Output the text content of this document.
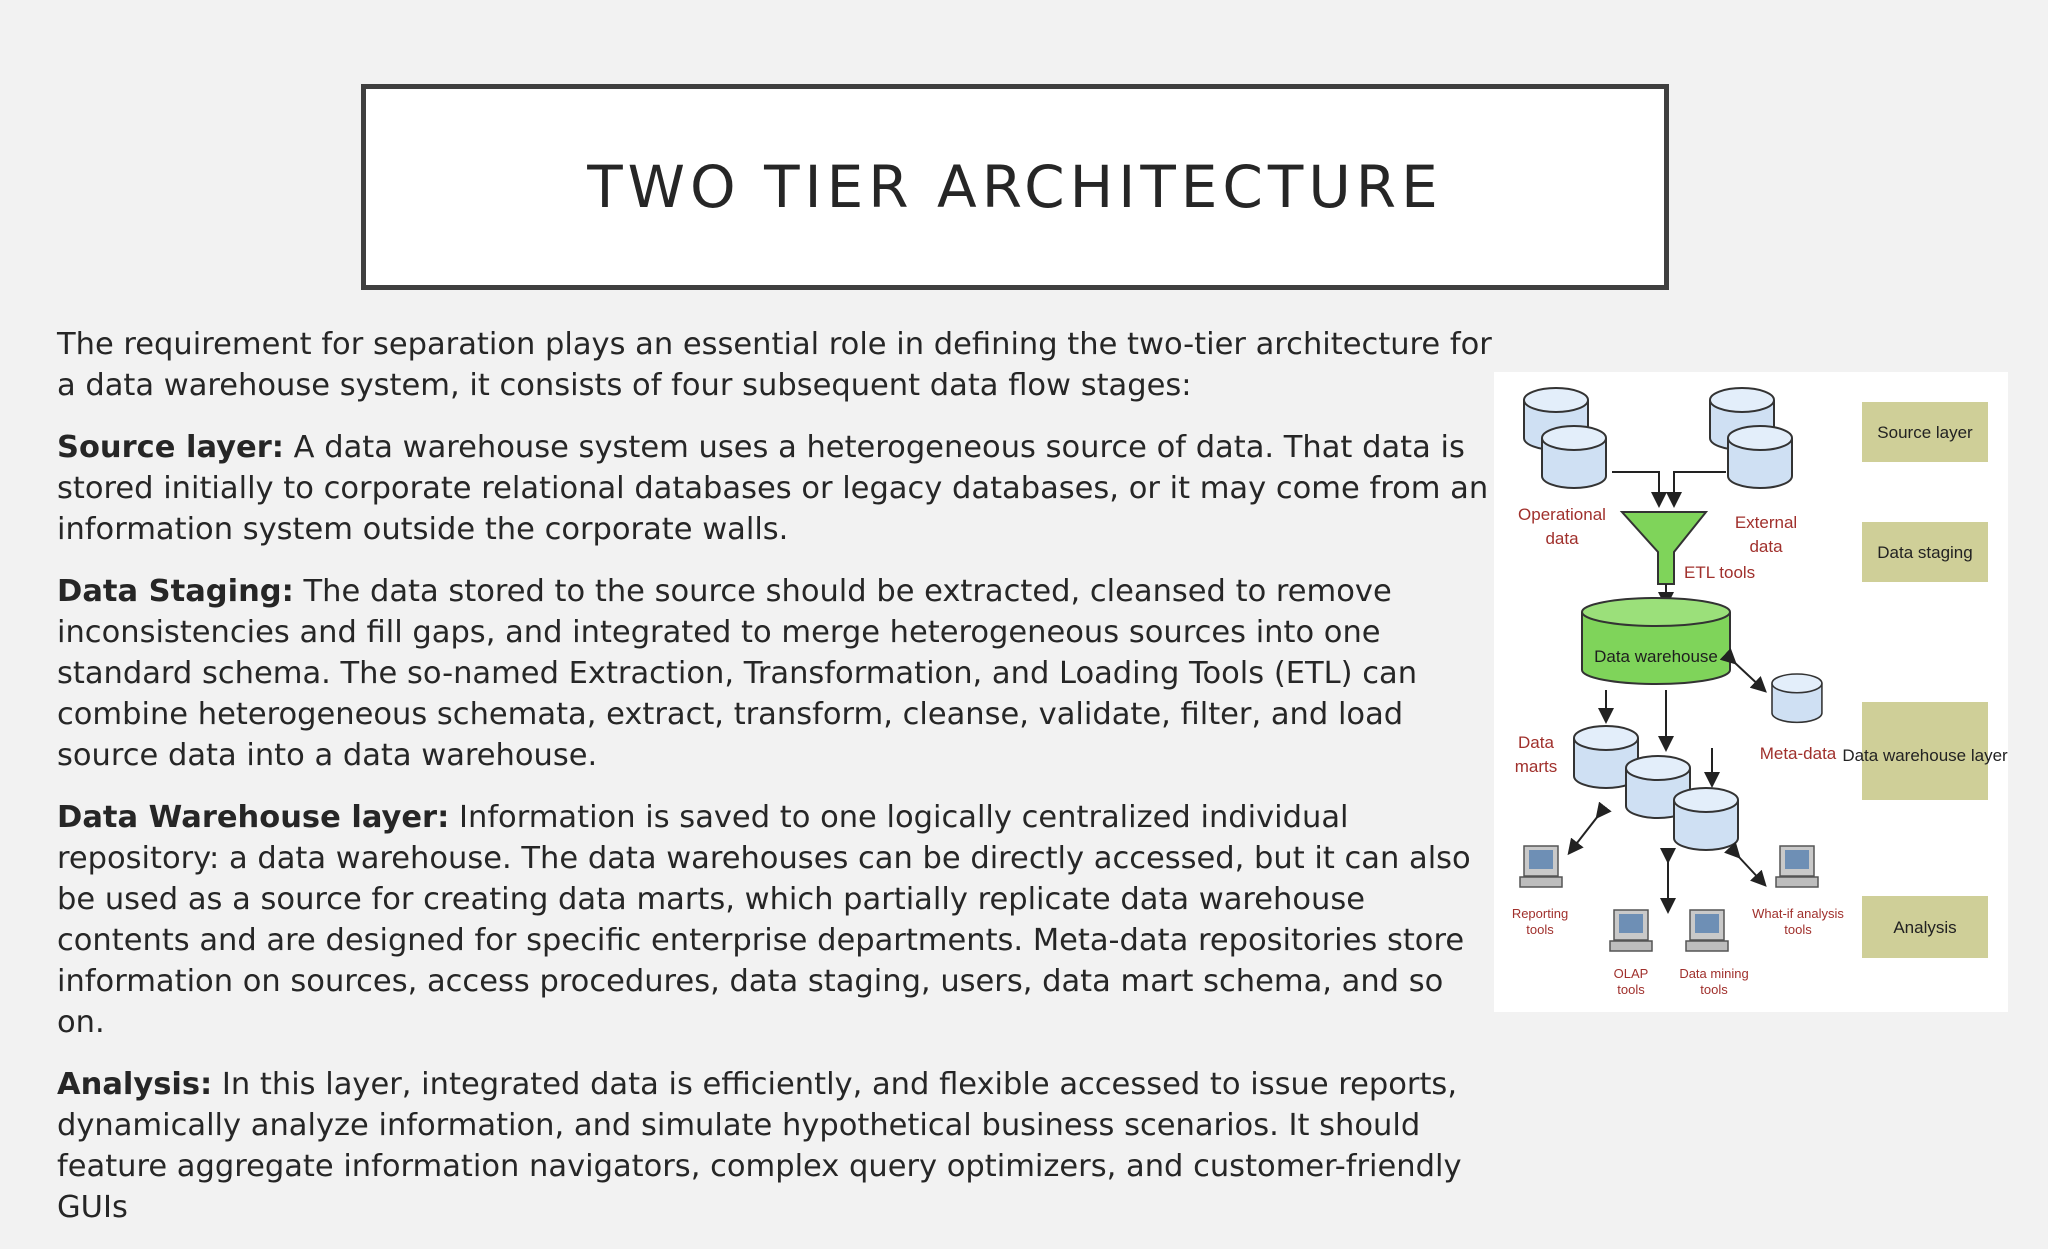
TWO TIER ARCHITECTURE

The requirement for separation plays an essential role in defining the two-tier architecture for a data warehouse system, it consists of four subsequent data flow stages:

Source layer: A data warehouse system uses a heterogeneous source of data. That data is stored initially to corporate relational databases or legacy databases, or it may come from an information system outside the corporate walls.

Data Staging: The data stored to the source should be extracted, cleansed to remove inconsistencies and fill gaps, and integrated to merge heterogeneous sources into one standard schema. The so-named Extraction, Transformation, and Loading Tools (ETL) can combine heterogeneous schemata, extract, transform, cleanse, validate, filter, and load source data into a data warehouse.

Data Warehouse layer: Information is saved to one logically centralized individual repository: a data warehouse. The data warehouses can be directly accessed, but it can also be used as a source for creating data marts, which partially replicate data warehouse contents and are designed for specific enterprise departments. Meta-data repositories store information on sources, access procedures, data staging, users, data mart schema, and so on.

Analysis: In this layer, integrated data is efficiently, and flexible accessed to issue reports, dynamically analyze information, and simulate hypothetical business scenarios. It should feature aggregate information navigators, complex query optimizers, and customer-friendly GUIs

Operational
data
External
data
ETL tools
Data warehouse
Meta-data
Data
marts
Reporting
tools
OLAP
tools
Data mining
tools
What-if analysis
tools
Source layer
Data staging
Data warehouse layer
Analysis
